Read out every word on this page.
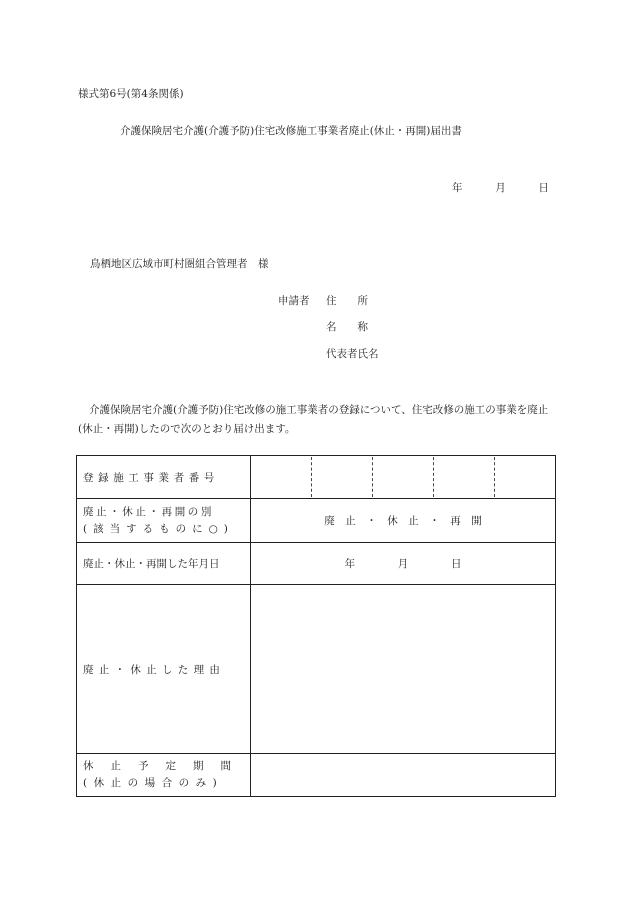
様式第6号(第4条関係)
介護保険居宅介護(介護予防)住宅改修施工事業者廃止(休止・再開)届出書
年	月	日
鳥栖地区広域市町村圏組合管理者　様
申請者 住　　所
名　　称
代表者氏名
介護保険居宅介護(介護予防)住宅改修の施工事業者の登録について、住宅改修の施工の事業を廃止(休止・再開)したので次のとおり届け出ます。
登録施工事業者番号	

廃止・休止・再開の別
(該当するものに○)	廃　止　・　休　止　・　再　開
廃止・休止・再開した年月日	年 月 日
廃止・休止した理由	

休止予定期間
(休止の場合のみ)	
